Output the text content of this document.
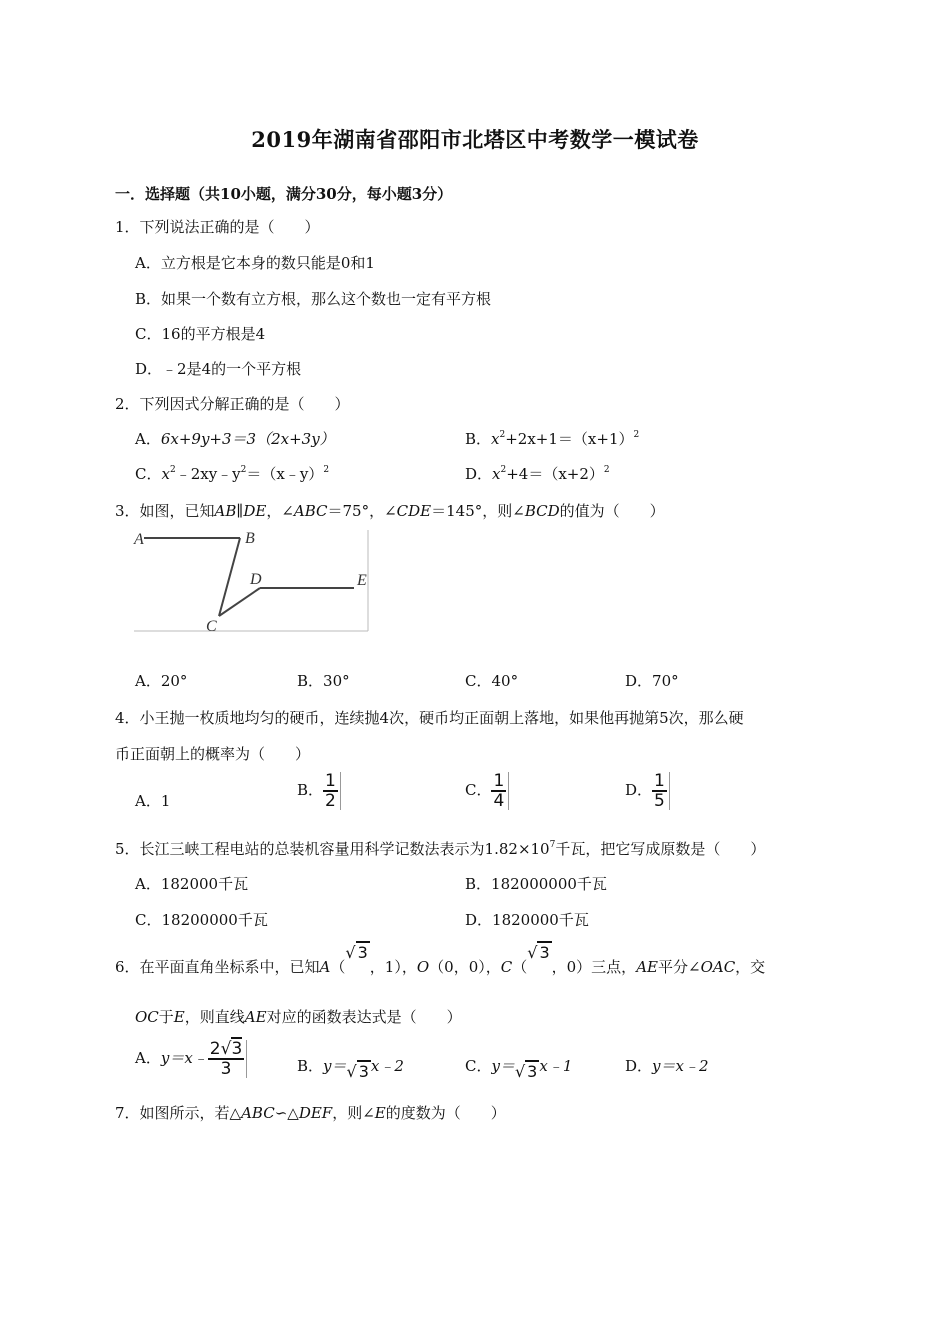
2019年湖南省邵阳市北塔区中考数学一模试卷
一．选择题（共10小题，满分30分，每小题3分）
1．下列说法正确的是（　　）
A．立方根是它本身的数只能是0和1
B．如果一个数有立方根，那么这个数也一定有平方根
C．16的平方根是4
D．﹣2是4的一个平方根
2．下列因式分解正确的是（　　）
A．6x+9y+3＝3（2x+3y）	B．$x^2+2x+1=(x+1)^2$
C．$x^2﹣2xy﹣y^2=(x﹣y)^2$	D．$x^2+4=(x+2)^2$
3．如图，已知AB∥DE，∠ABC＝75°，∠CDE＝145°，则∠BCD的值为（　　）
A	B
C
D	E
A．20°	B．30°	C．40°	D．70°
4．小王抛一枚质地均匀的硬币，连续抛4次，硬币均正面朝上落地，如果他再抛第5次，那么硬
币正面朝上的概率为（　　）
A．1
B． $\frac{1}{2}$	C． $\frac{1}{4}$	D． $\frac{1}{5}$
5．长江三峡工程电站的总装机容量用科学记数法表示为$1.82\times 10^7$千瓦，把它写成原数是（　　）
A．182000千瓦	B．182000000千瓦
C．18200000千瓦	D．1820000千瓦
6．在平面直角坐标系中，已知A（√ 3，1），O（0，0），C（√ 3，0）三点，AE平分∠OAC，交
OC于E，则直线AE对应的函数表达式是（　　）
A．y＝x﹣ $\frac{2√3}{3}$	B．y＝√ 3 x﹣2	C．y＝√ 3 x﹣1	D．y＝x﹣2
7．如图所示，若△ABC∽△DEF，则∠E的度数为（　　）
